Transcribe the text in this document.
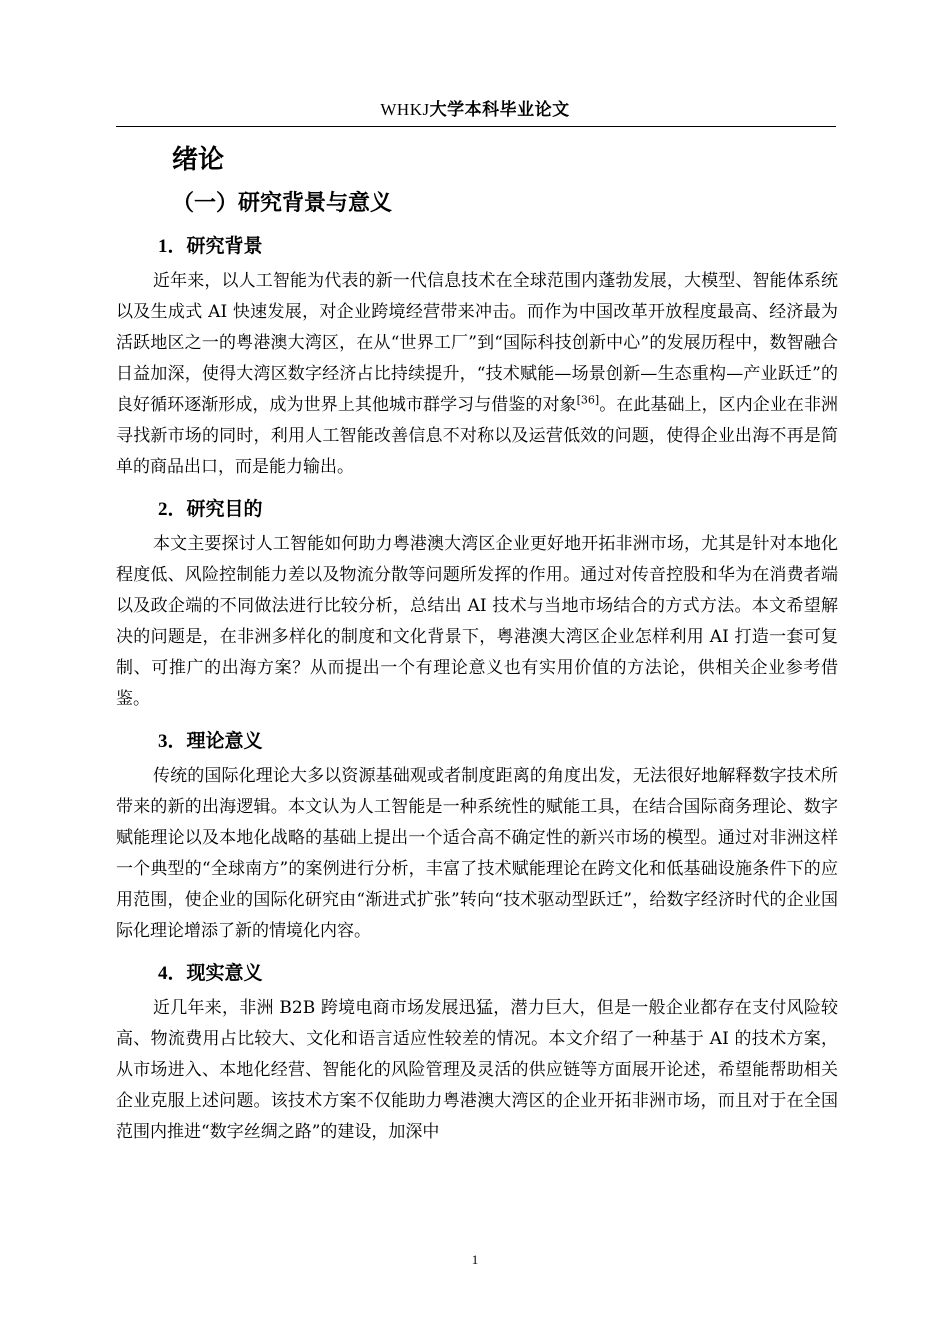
WHKJ大学本科毕业论文
绪论
（一）研究背景与意义
1．研究背景

近年来，以人工智能为代表的新一代信息技术在全球范围内蓬勃发展，大模型、智能体系统以及生成式 AI 快速发展，对企业跨境经营带来冲击。而作为中国改革开放程度最高、经济最为活跃地区之一的粤港澳大湾区，在从“世界工厂”到“国际科技创新中心”的发展历程中，数智融合日益加深，使得大湾区数字经济占比持续提升，“技术赋能—场景创新—生态重构—产业跃迁”的良好循环逐渐形成，成为世界上其他城市群学习与借鉴的对象[36]。在此基础上，区内企业在非洲寻找新市场的同时，利用人工智能改善信息不对称以及运营低效的问题，使得企业出海不再是简单的商品出口，而是能力输出。

2．研究目的

本文主要探讨人工智能如何助力粤港澳大湾区企业更好地开拓非洲市场，尤其是针对本地化程度低、风险控制能力差以及物流分散等问题所发挥的作用。通过对传音控股和华为在消费者端以及政企端的不同做法进行比较分析，总结出 AI 技术与当地市场结合的方式方法。本文希望解决的问题是，在非洲多样化的制度和文化背景下，粤港澳大湾区企业怎样利用 AI 打造一套可复制、可推广的出海方案？从而提出一个有理论意义也有实用价值的方法论，供相关企业参考借鉴。

3．理论意义

传统的国际化理论大多以资源基础观或者制度距离的角度出发，无法很好地解释数字技术所带来的新的出海逻辑。本文认为人工智能是一种系统性的赋能工具，在结合国际商务理论、数字赋能理论以及本地化战略的基础上提出一个适合高不确定性的新兴市场的模型。通过对非洲这样一个典型的“全球南方”的案例进行分析，丰富了技术赋能理论在跨文化和低基础设施条件下的应用范围，使企业的国际化研究由“渐进式扩张”转向“技术驱动型跃迁”，给数字经济时代的企业国际化理论增添了新的情境化内容。

4．现实意义

近几年来，非洲 B2B 跨境电商市场发展迅猛，潜力巨大，但是一般企业都存在支付风险较高、物流费用占比较大、文化和语言适应性较差的情况。本文介绍了一种基于 AI 的技术方案，从市场进入、本地化经营、智能化的风险管理及灵活的供应链等方面展开论述，希望能帮助相关企业克服上述问题。该技术方案不仅能助力粤港澳大湾区的企业开拓非洲市场，而且对于在全国范围内推进“数字丝绸之路”的建设，加深中

1
